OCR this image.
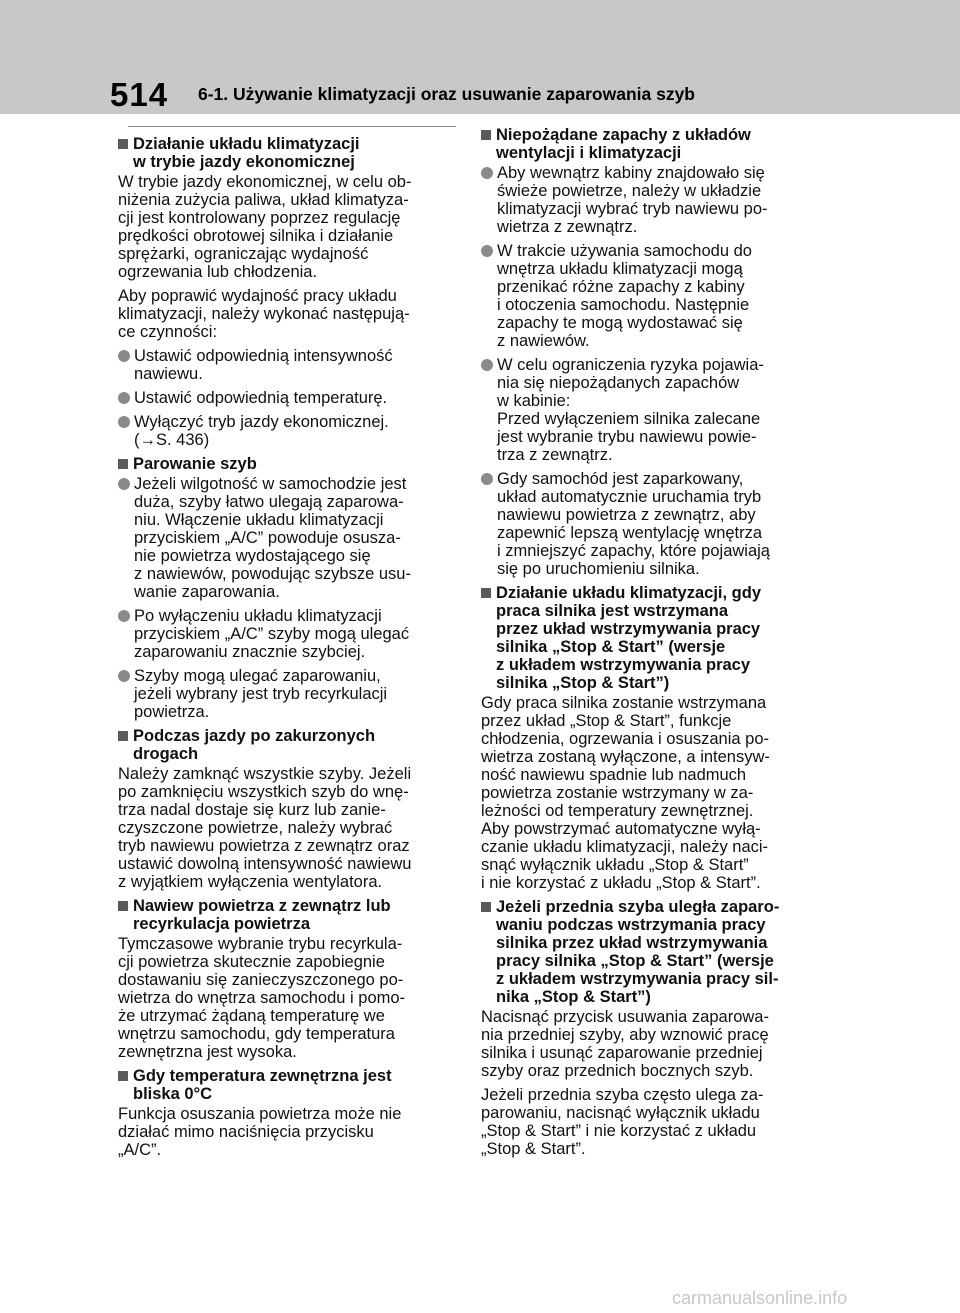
514 6-1. Używanie klimatyzacji oraz usuwanie zaparowania szyb
Działanie układu klimatyzacji
w trybie jazdy ekonomicznej
W trybie jazdy ekonomicznej, w celu ob-
niżenia zużycia paliwa, układ klimatyza-
cji jest kontrolowany poprzez regulację
prędkości obrotowej silnika i działanie
sprężarki, ograniczając wydajność
ogrzewania lub chłodzenia.
Aby poprawić wydajność pracy układu
klimatyzacji, należy wykonać następują-
ce czynności:
Ustawić odpowiednią intensywność
nawiewu.
Ustawić odpowiednią temperaturę.
Wyłączyć tryb jazdy ekonomicznej.
(→S. 436)
Parowanie szyb
Jeżeli wilgotność w samochodzie jest
duża, szyby łatwo ulegają zaparowa-
niu. Włączenie układu klimatyzacji
przyciskiem „A/C” powoduje osusza-
nie powietrza wydostającego się
z nawiewów, powodując szybsze usu-
wanie zaparowania.
Po wyłączeniu układu klimatyzacji
przyciskiem „A/C” szyby mogą ulegać
zaparowaniu znacznie szybciej.
Szyby mogą ulegać zaparowaniu,
jeżeli wybrany jest tryb recyrkulacji
powietrza.
Podczas jazdy po zakurzonych
drogach
Należy zamknąć wszystkie szyby. Jeżeli
po zamknięciu wszystkich szyb do wnę-
trza nadal dostaje się kurz lub zanie-
czyszczone powietrze, należy wybrać
tryb nawiewu powietrza z zewnątrz oraz
ustawić dowolną intensywność nawiewu
z wyjątkiem wyłączenia wentylatora.
Nawiew powietrza z zewnątrz lub
recyrkulacja powietrza
Tymczasowe wybranie trybu recyrkula-
cji powietrza skutecznie zapobiegnie
dostawaniu się zanieczyszczonego po-
wietrza do wnętrza samochodu i pomo-
że utrzymać żądaną temperaturę we
wnętrzu samochodu, gdy temperatura
zewnętrzna jest wysoka.
Gdy temperatura zewnętrzna jest
bliska 0°C
Funkcja osuszania powietrza może nie
działać mimo naciśnięcia przycisku
„A/C”.
Niepożądane zapachy z układów
wentylacji i klimatyzacji
Aby wewnątrz kabiny znajdowało się
świeże powietrze, należy w układzie
klimatyzacji wybrać tryb nawiewu po-
wietrza z zewnątrz.
W trakcie używania samochodu do
wnętrza układu klimatyzacji mogą
przenikać różne zapachy z kabiny
i otoczenia samochodu. Następnie
zapachy te mogą wydostawać się
z nawiewów.
W celu ograniczenia ryzyka pojawia-
nia się niepożądanych zapachów
w kabinie:
Przed wyłączeniem silnika zalecane
jest wybranie trybu nawiewu powie-
trza z zewnątrz.
Gdy samochód jest zaparkowany,
układ automatycznie uruchamia tryb
nawiewu powietrza z zewnątrz, aby
zapewnić lepszą wentylację wnętrza
i zmniejszyć zapachy, które pojawiają
się po uruchomieniu silnika.
Działanie układu klimatyzacji, gdy
praca silnika jest wstrzymana
przez układ wstrzymywania pracy
silnika „Stop & Start” (wersje
z układem wstrzymywania pracy
silnika „Stop & Start”)
Gdy praca silnika zostanie wstrzymana
przez układ „Stop & Start”, funkcje
chłodzenia, ogrzewania i osuszania po-
wietrza zostaną wyłączone, a intensyw-
ność nawiewu spadnie lub nadmuch
powietrza zostanie wstrzymany w za-
leżności od temperatury zewnętrznej.
Aby powstrzymać automatyczne wyłą-
czanie układu klimatyzacji, należy naci-
snąć wyłącznik układu „Stop & Start”
i nie korzystać z układu „Stop & Start”.
Jeżeli przednia szyba uległa zaparo-
waniu podczas wstrzymania pracy
silnika przez układ wstrzymywania
pracy silnika „Stop & Start” (wersje
z układem wstrzymywania pracy sil-
nika „Stop & Start”)
Nacisnąć przycisk usuwania zaparowa-
nia przedniej szyby, aby wznowić pracę
silnika i usunąć zaparowanie przedniej
szyby oraz przednich bocznych szyb.
Jeżeli przednia szyba często ulega za-
parowaniu, nacisnąć wyłącznik układu
„Stop & Start” i nie korzystać z układu
„Stop & Start”.
carmanualsonline.info
